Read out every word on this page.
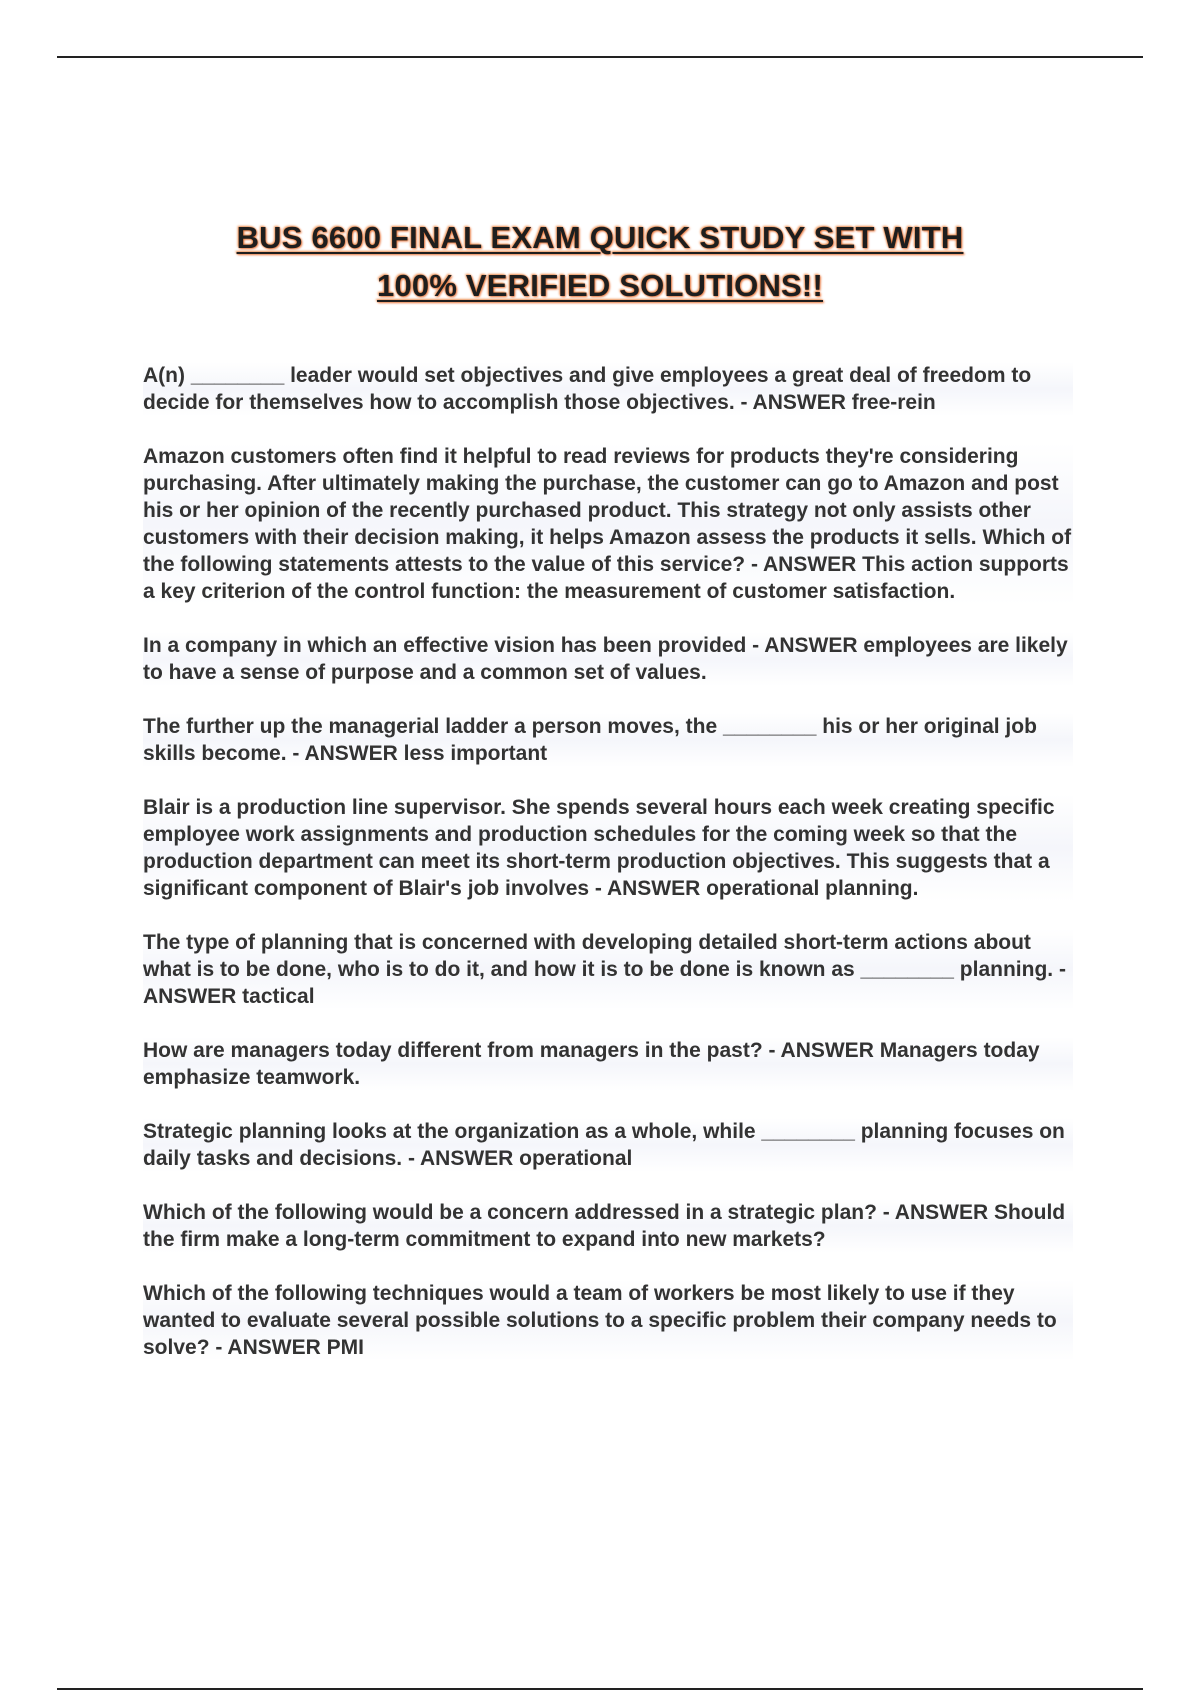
BUS 6600 FINAL EXAM QUICK STUDY SET WITH

100% VERIFIED SOLUTIONS!!

A(n) ________ leader would set objectives and give employees a great deal of freedom to decide for themselves how to accomplish those objectives. - ANSWER free-rein
Amazon customers often find it helpful to read reviews for products they're considering purchasing. After ultimately making the purchase, the customer can go to Amazon and post his or her opinion of the recently purchased product. This strategy not only assists other customers with their decision making, it helps Amazon assess the products it sells. Which of the following statements attests to the value of this service? - ANSWER This action supports a key criterion of the control function: the measurement of customer satisfaction.
In a company in which an effective vision has been provided - ANSWER employees are likely to have a sense of purpose and a common set of values.
The further up the managerial ladder a person moves, the ________ his or her original job skills become. - ANSWER less important
Blair is a production line supervisor. She spends several hours each week creating specific employee work assignments and production schedules for the coming week so that the production department can meet its short-term production objectives. This suggests that a significant component of Blair's job involves - ANSWER operational planning.
The type of planning that is concerned with developing detailed short-term actions about what is to be done, who is to do it, and how it is to be done is known as ________ planning. - ANSWER tactical
How are managers today different from managers in the past? - ANSWER Managers today emphasize teamwork.
Strategic planning looks at the organization as a whole, while ________ planning focuses on daily tasks and decisions. - ANSWER operational
Which of the following would be a concern addressed in a strategic plan? - ANSWER Should the firm make a long-term commitment to expand into new markets?
Which of the following techniques would a team of workers be most likely to use if they wanted to evaluate several possible solutions to a specific problem their company needs to solve? - ANSWER PMI
